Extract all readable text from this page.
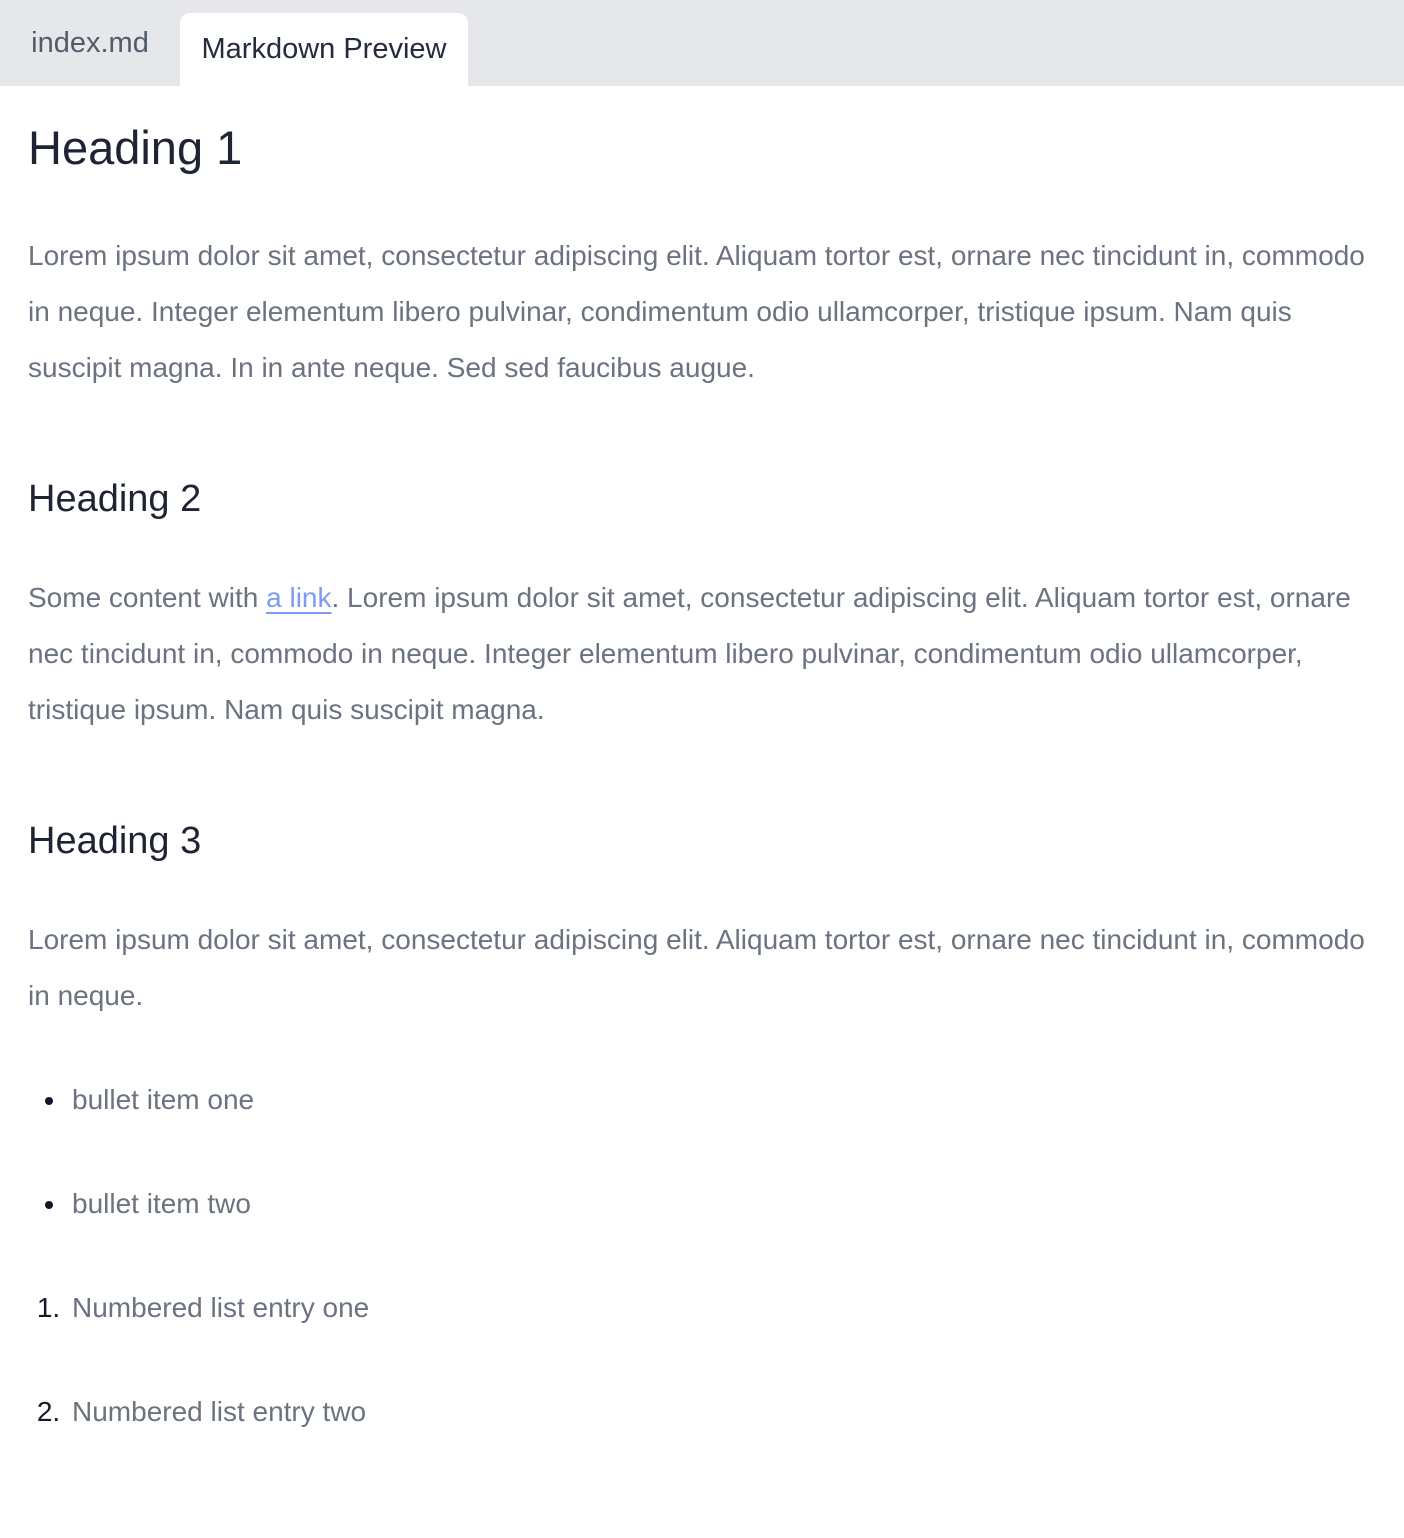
index.md Markdown Preview
Heading 1

Lorem ipsum dolor sit amet, consectetur adipiscing elit. Aliquam tortor est, ornare nec tincidunt in, commodo in neque. Integer elementum libero pulvinar, condimentum odio ullamcorper, tristique ipsum. Nam quis suscipit magna. In in ante neque. Sed sed faucibus augue.

Heading 2

Some content with a link. Lorem ipsum dolor sit amet, consectetur adipiscing elit. Aliquam tortor est, ornare nec tincidunt in, commodo in neque. Integer elementum libero pulvinar, condimentum odio ullamcorper, tristique ipsum. Nam quis suscipit magna.

Heading 3

Lorem ipsum dolor sit amet, consectetur adipiscing elit. Aliquam tortor est, ornare nec tincidunt in, commodo in neque.

• bullet item one
• bullet item two
1. Numbered list entry one
2. Numbered list entry two
